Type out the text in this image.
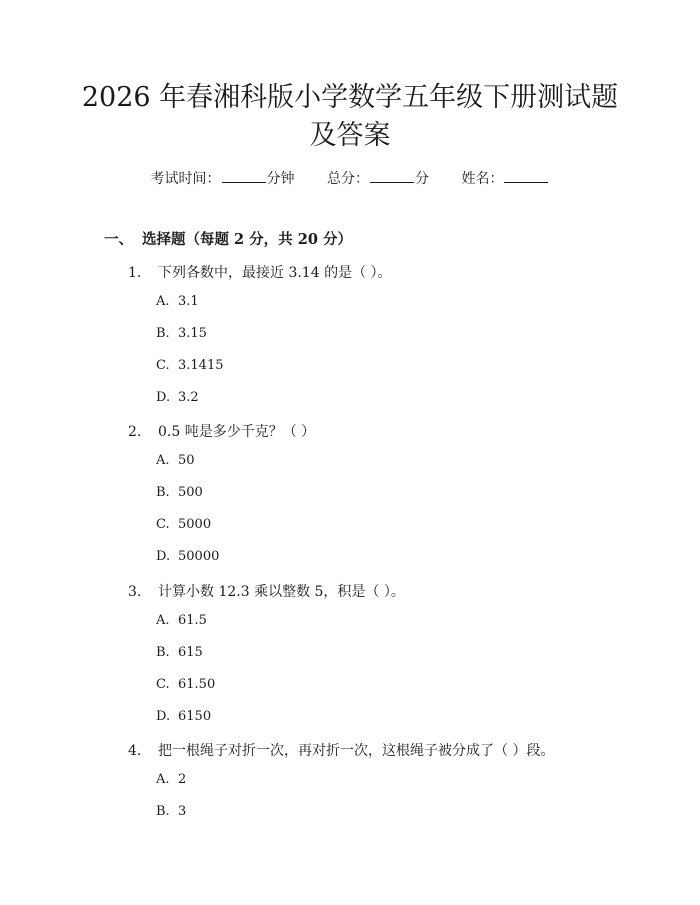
2026 年春湘科版小学数学五年级下册测试题
及答案
考试时间：	分钟 总分：	分 姓名：
一、 选择题（每题 2 分，共 20 分）
1. 下列各数中，最接近 3.14 的是（ ）。
A. 3.1
B. 3.15
C. 3.1415
D. 3.2
2. 0.5 吨是多少千克？（ ）
A. 50
B. 500
C. 5000
D. 50000
3. 计算小数 12.3 乘以整数 5，积是（ ）。
A. 61.5
B. 615
C. 61.50
D. 6150
4. 把一根绳子对折一次，再对折一次，这根绳子被分成了（ ）段。
A. 2
B. 3
